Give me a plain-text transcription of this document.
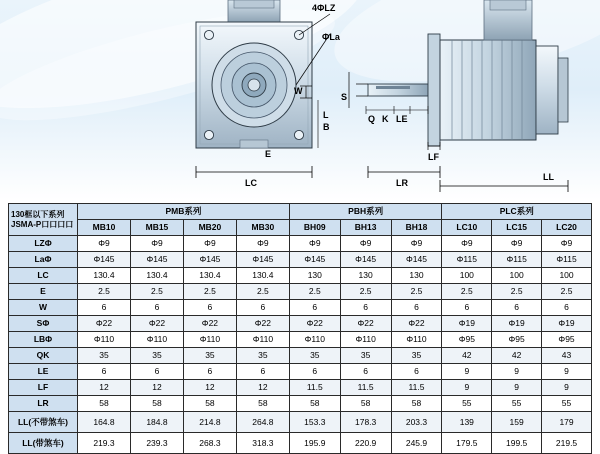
4ΦLZ
ΦLa
W
E
L
B
LC
S
Q K LE
LF
LR
LL
130框以下系列
JSMA-P口口口口	PMB系列				PBH系列			PLC系列		
	MB10	MB15	MB20	MB30	BH09	BH13	BH18	LC10	LC15	LC20
LZΦ	Φ9	Φ9	Φ9	Φ9	Φ9	Φ9	Φ9	Φ9	Φ9	Φ9
LaΦ	Φ145	Φ145	Φ145	Φ145	Φ145	Φ145	Φ145	Φ115	Φ115	Φ115
LC	130.4	130.4	130.4	130.4	130	130	130	100	100	100
E	2.5	2.5	2.5	2.5	2.5	2.5	2.5	2.5	2.5	2.5
W	6	6	6	6	6	6	6	6	6	6
SΦ	Φ22	Φ22	Φ22	Φ22	Φ22	Φ22	Φ22	Φ19	Φ19	Φ19
LBΦ	Φ110	Φ110	Φ110	Φ110	Φ110	Φ110	Φ110	Φ95	Φ95	Φ95
QK	35	35	35	35	35	35	35	42	42	43
LE	6	6	6	6	6	6	6	9	9	9
LF	12	12	12	12	11.5	11.5	11.5	9	9	9
LR	58	58	58	58	58	58	58	55	55	55
LL(不带煞车)	164.8	184.8	214.8	264.8	153.3	178.3	203.3	139	159	179
LL(带煞车)	219.3	239.3	268.3	318.3	195.9	220.9	245.9	179.5	199.5	219.5
